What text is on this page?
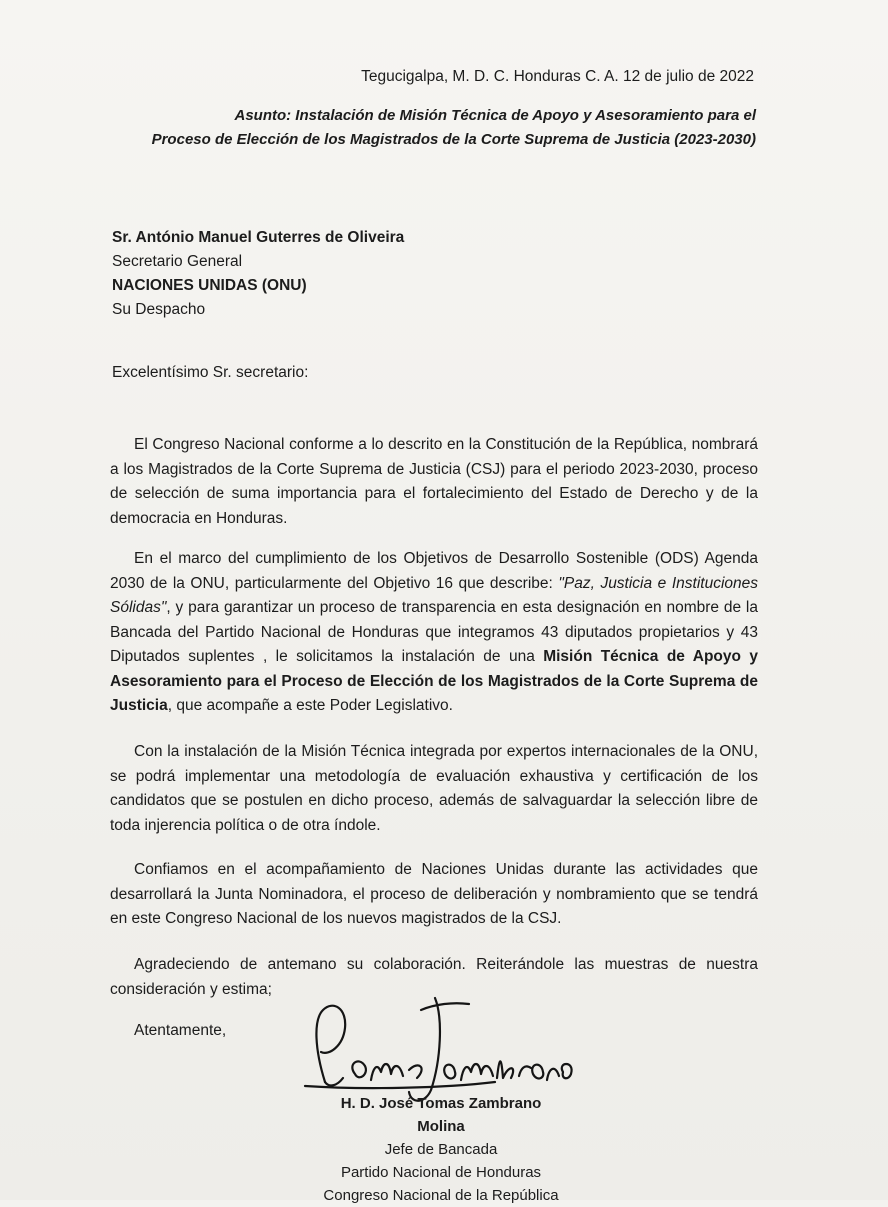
Tegucigalpa, M. D. C. Honduras C. A. 12 de julio de 2022
Asunto: Instalación de Misión Técnica de Apoyo y Asesoramiento para el
Proceso de Elección de los Magistrados de la Corte Suprema de Justicia (2023-2030)
Sr. António Manuel Guterres de Oliveira
Secretario General
NACIONES UNIDAS (ONU)
Su Despacho
Excelentísimo Sr. secretario:

El Congreso Nacional conforme a lo descrito en la Constitución de la República, nombrará a los Magistrados de la Corte Suprema de Justicia (CSJ) para el periodo 2023-2030, proceso de selección de suma importancia para el fortalecimiento del Estado de Derecho y de la democracia en Honduras.

En el marco del cumplimiento de los Objetivos de Desarrollo Sostenible (ODS) Agenda 2030 de la ONU, particularmente del Objetivo 16 que describe: "Paz, Justicia e Instituciones Sólidas", y para garantizar un proceso de transparencia en esta designación en nombre de la Bancada del Partido Nacional de Honduras que integramos 43 diputados propietarios y 43 Diputados suplentes , le solicitamos la instalación de una Misión Técnica de Apoyo y Asesoramiento para el Proceso de Elección de los Magistrados de la Corte Suprema de Justicia, que acompañe a este Poder Legislativo.

Con la instalación de la Misión Técnica integrada por expertos internacionales de la ONU, se podrá implementar una metodología de evaluación exhaustiva y certificación de los candidatos que se postulen en dicho proceso, además de salvaguardar la selección libre de toda injerencia política o de otra índole.

Confiamos en el acompañamiento de Naciones Unidas durante las actividades que desarrollará la Junta Nominadora, el proceso de deliberación y nombramiento que se tendrá en este Congreso Nacional de los nuevos magistrados de la CSJ.

Agradeciendo de antemano su colaboración. Reiterándole las muestras de nuestra consideración y estima;

Atentamente,
H. D. José Tomas Zambrano Molina
Jefe de Bancada
Partido Nacional de Honduras
Congreso Nacional de la República
